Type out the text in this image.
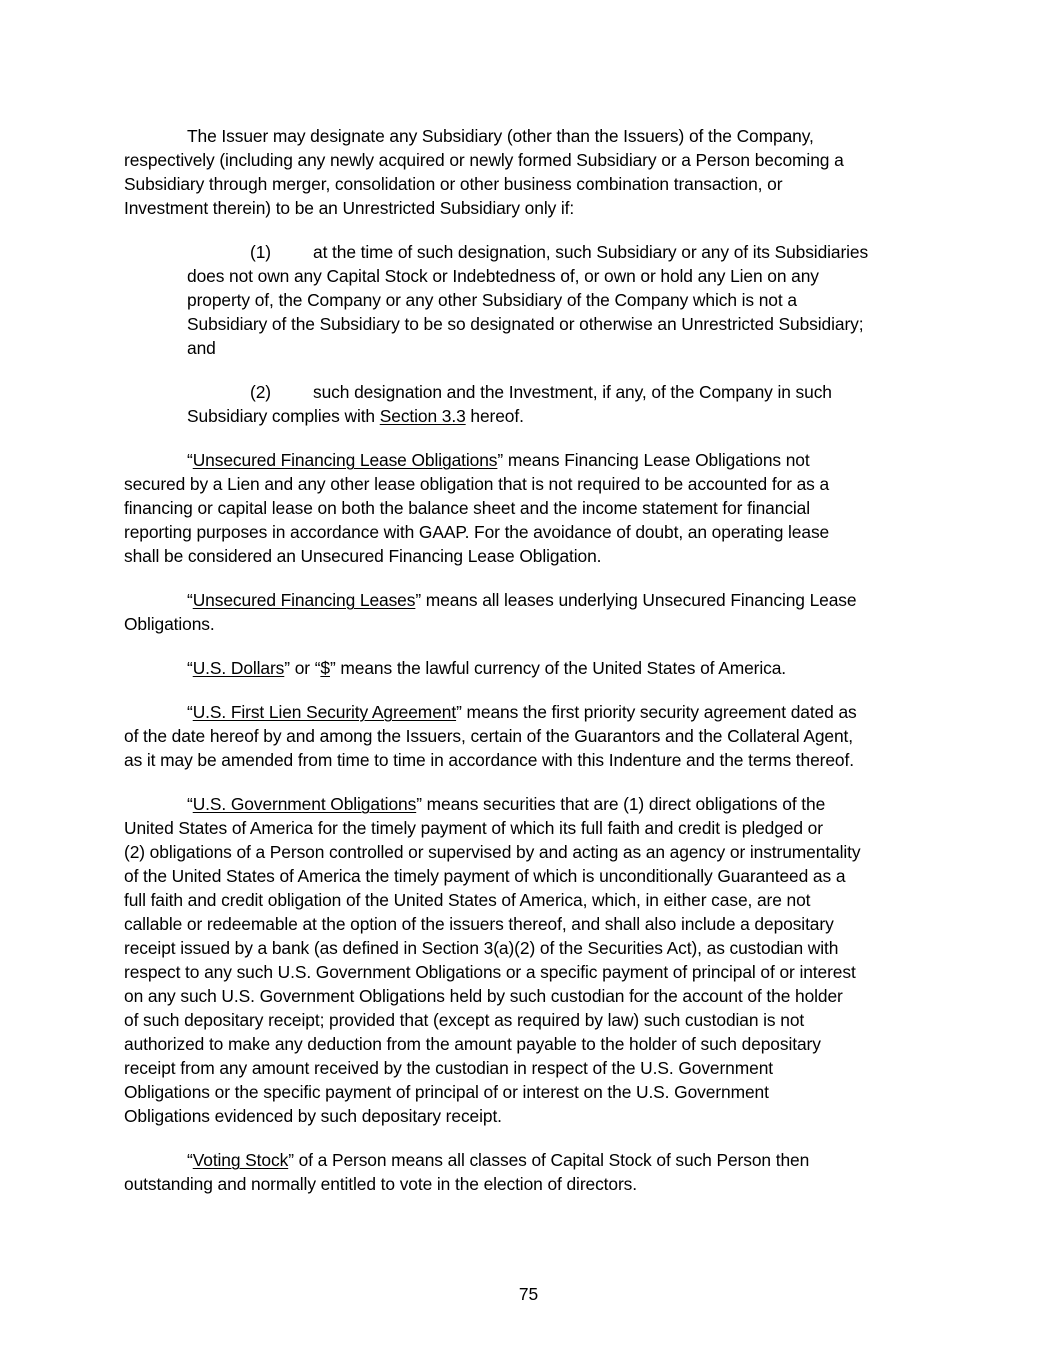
The Issuer may designate any Subsidiary (other than the Issuers) of the Company,
respectively (including any newly acquired or newly formed Subsidiary or a Person becoming a
Subsidiary through merger, consolidation or other business combination transaction, or
Investment therein) to be an Unrestricted Subsidiary only if:

(1) at the time of such designation, such Subsidiary or any of its Subsidiaries
does not own any Capital Stock or Indebtedness of, or own or hold any Lien on any
property of, the Company or any other Subsidiary of the Company which is not a
Subsidiary of the Subsidiary to be so designated or otherwise an Unrestricted Subsidiary;
and

(2) such designation and the Investment, if any, of the Company in such
Subsidiary complies with Section 3.3 hereof.

“Unsecured Financing Lease Obligations” means Financing Lease Obligations not
secured by a Lien and any other lease obligation that is not required to be accounted for as a
financing or capital lease on both the balance sheet and the income statement for financial
reporting purposes in accordance with GAAP. For the avoidance of doubt, an operating lease
shall be considered an Unsecured Financing Lease Obligation.

“Unsecured Financing Leases” means all leases underlying Unsecured Financing Lease
Obligations.

“U.S. Dollars” or “$” means the lawful currency of the United States of America.

“U.S. First Lien Security Agreement” means the first priority security agreement dated as
of the date hereof by and among the Issuers, certain of the Guarantors and the Collateral Agent,
as it may be amended from time to time in accordance with this Indenture and the terms thereof.

“U.S. Government Obligations” means securities that are (1) direct obligations of the
United States of America for the timely payment of which its full faith and credit is pledged or
(2) obligations of a Person controlled or supervised by and acting as an agency or instrumentality
of the United States of America the timely payment of which is unconditionally Guaranteed as a
full faith and credit obligation of the United States of America, which, in either case, are not
callable or redeemable at the option of the issuers thereof, and shall also include a depositary
receipt issued by a bank (as defined in Section 3(a)(2) of the Securities Act), as custodian with
respect to any such U.S. Government Obligations or a specific payment of principal of or interest
on any such U.S. Government Obligations held by such custodian for the account of the holder
of such depositary receipt; provided that (except as required by law) such custodian is not
authorized to make any deduction from the amount payable to the holder of such depositary
receipt from any amount received by the custodian in respect of the U.S. Government
Obligations or the specific payment of principal of or interest on the U.S. Government
Obligations evidenced by such depositary receipt.

“Voting Stock” of a Person means all classes of Capital Stock of such Person then
outstanding and normally entitled to vote in the election of directors.

75
